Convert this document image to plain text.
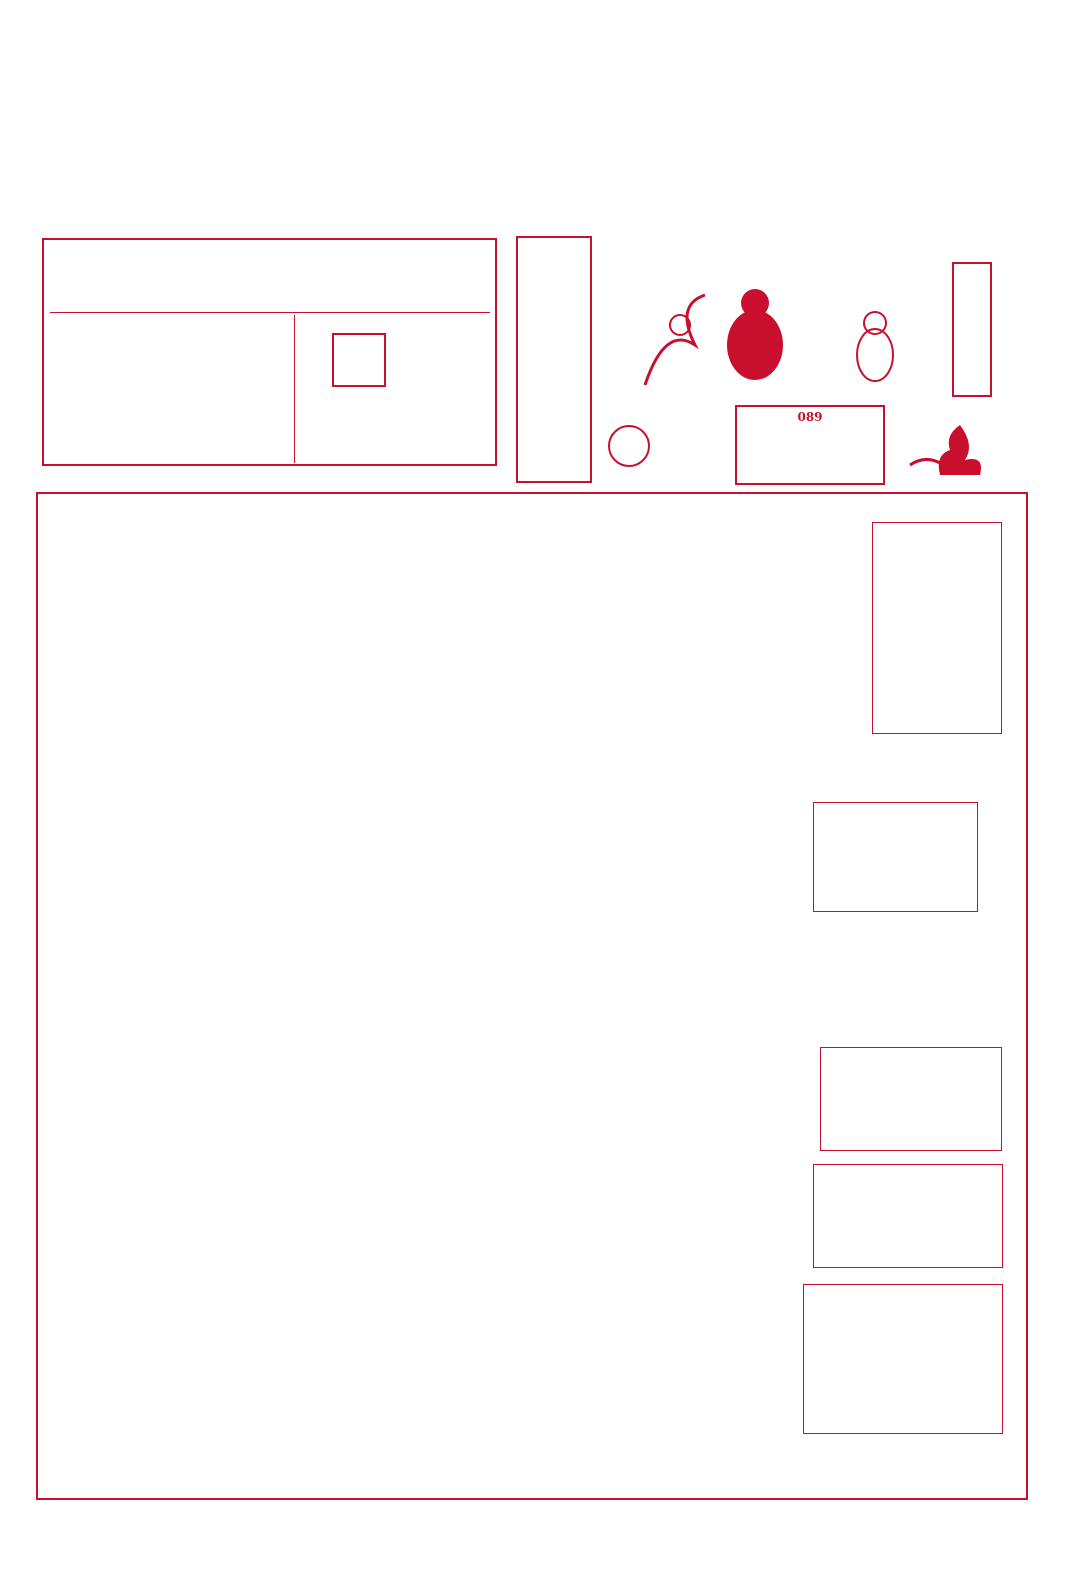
089
